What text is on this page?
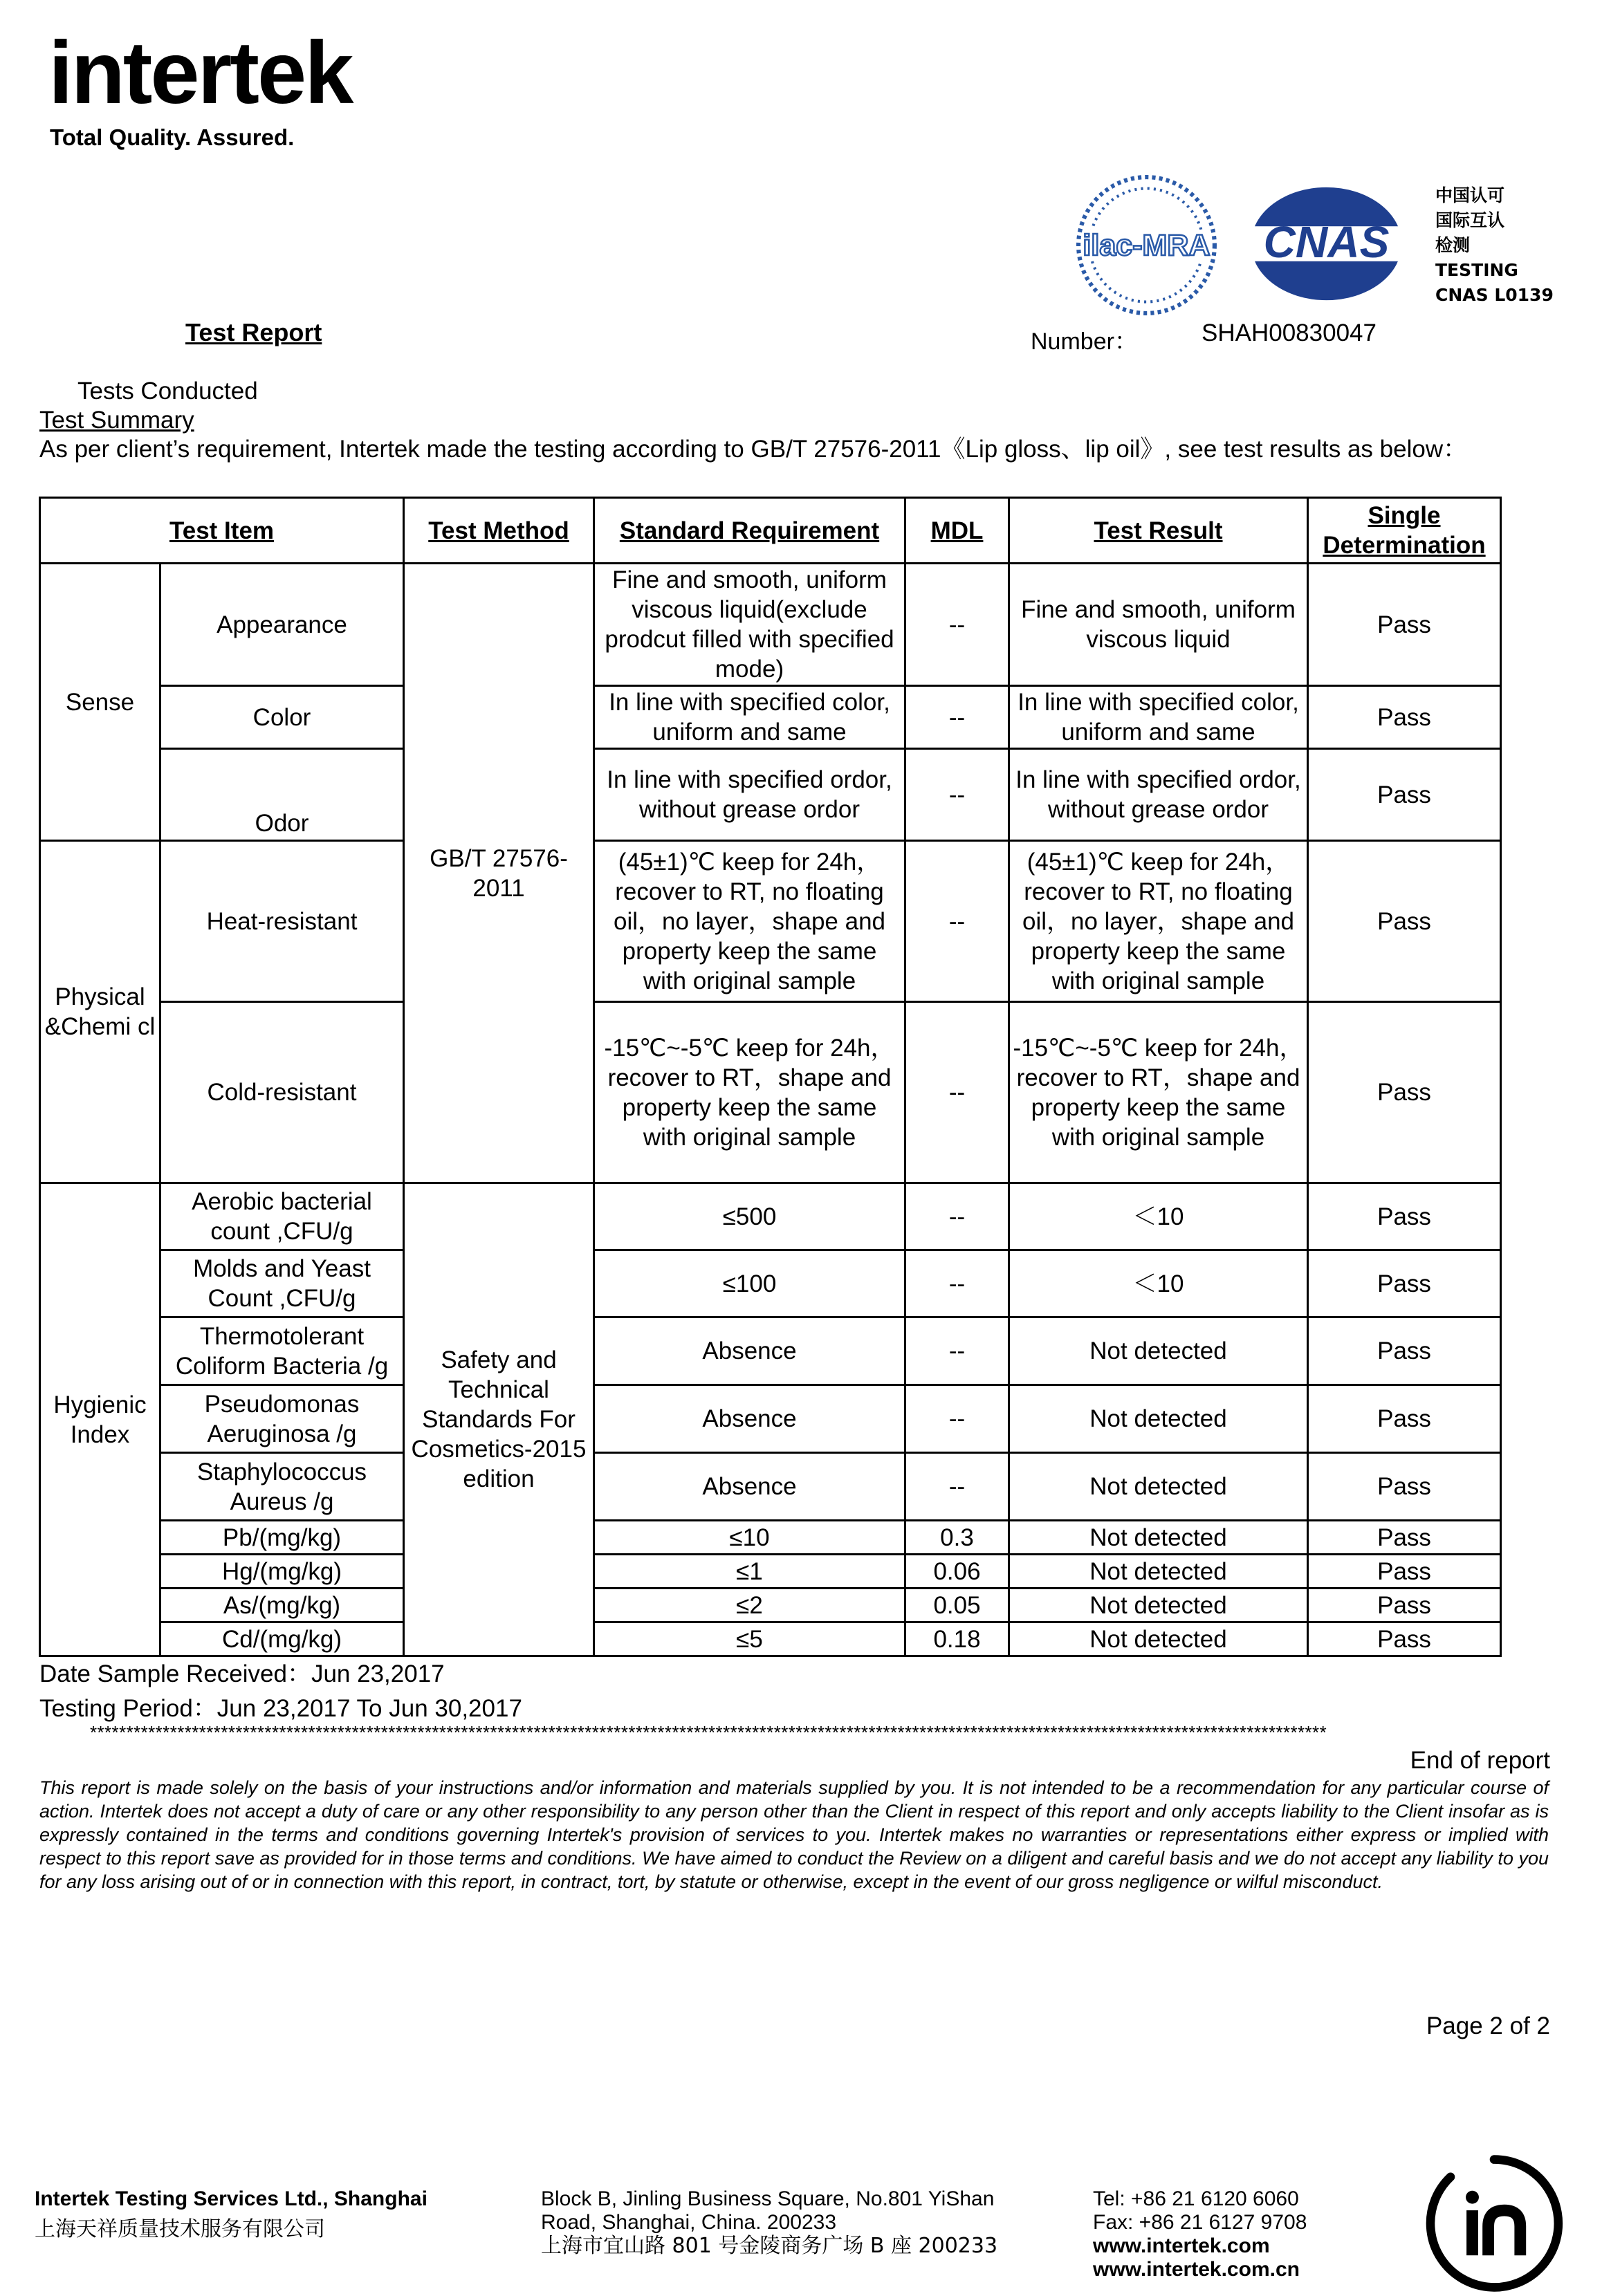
intertek
Total Quality. Assured.
ilac-MRA CNAS
中国认可
国际互认
检测
TESTING
CNAS L0139
Test Report	Number：	SHAH00830047
Tests Conducted
Test Summary
As per client’s requirement, Intertek made the testing according to GB/T 27576-2011《Lip gloss、lip oil》, see test results as below：
Test Item		Test Method	Standard Requirement	MDL	Test Result	Single
Determination
Sense	Appearance	GB/T 27576-2011	Fine and smooth, uniform viscous liquid(exclude prodcut filled with specified mode)	--	Fine and smooth, uniform viscous liquid	Pass
	Color		In line with specified color, uniform and same	--	In line with specified color, uniform and same	Pass
	Odor		In line with specified ordor, without grease ordor	--	In line with specified ordor, without grease ordor	Pass
Physical &Chemi cl	Heat-resistant		(45±1)℃ keep for 24h，recover to RT, no floating oil，no layer，shape and property keep the same with original sample	--	(45±1)℃ keep for 24h，recover to RT, no floating oil，no layer，shape and property keep the same with original sample	Pass
	Cold-resistant		-15℃~-5℃ keep for 24h，recover to RT，shape and property keep the same with original sample	--	-15℃~-5℃ keep for 24h，recover to RT，shape and property keep the same with original sample	Pass
Hygienic Index	Aerobic bacterial count ,CFU/g	Safety and Technical Standards For Cosmetics-2015 edition	≤500	--	＜10	Pass
	Molds and Yeast Count ,CFU/g		≤100	--	＜10	Pass
	Thermotolerant Coliform Bacteria /g		Absence	--	Not detected	Pass
	Pseudomonas Aeruginosa /g		Absence	--	Not detected	Pass
	Staphylococcus Aureus /g		Absence	--	Not detected	Pass
	Pb/(mg/kg)		≤10	0.3	Not detected	Pass
	Hg/(mg/kg)		≤1	0.06	Not detected	Pass
	As/(mg/kg)		≤2	0.05	Not detected	Pass
	Cd/(mg/kg)		≤5	0.18	Not detected	Pass
Date Sample Received：Jun 23,2017
Testing Period：Jun 23,2017 To Jun 30,2017
**************************************************************************************************************************************************************************
End of report
This report is made solely on the basis of your instructions and/or information and materials supplied by you. It is not intended to be a recommendation for any particular course of action. Intertek does not accept a duty of care or any other responsibility to any person other than the Client in respect of this report and only accepts liability to the Client insofar as is expressly contained in the terms and conditions governing Intertek's provision of services to you. Intertek makes no warranties or representations either express or implied with respect to this report save as provided for in those terms and conditions. We have aimed to conduct the Review on a diligent and careful basis and we do not accept any liability to you for any loss arising out of or in connection with this report, in contract, tort, by statute or otherwise, except in the event of our gross negligence or wilful misconduct.
Page 2 of 2
Intertek Testing Services Ltd., Shanghai
上海天祥质量技术服务有限公司
Block B, Jinling Business Square, No.801 YiShan
Road, Shanghai, China. 200233
上海市宜山路 801 号金陵商务广场 B 座 200233
Tel: +86 21 6120 6060
Fax: +86 21 6127 9708
www.intertek.com
www.intertek.com.cn
